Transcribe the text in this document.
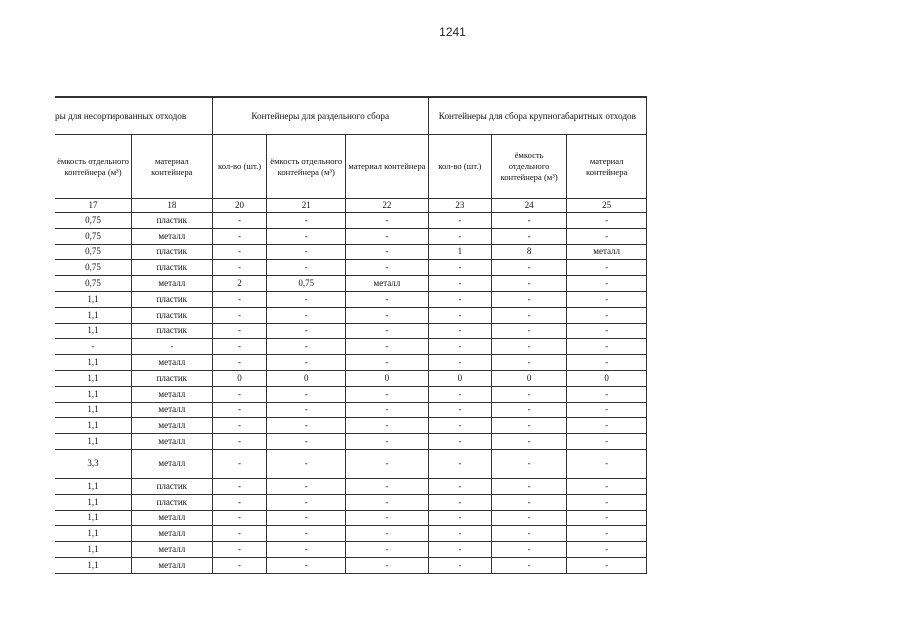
1241
ры для несортированных отходов		Контейнеры для раздельного сбора			Контейнеры для сбора крупногабаритных отходов		
ёмкость отдельного контейнера (м³)	материал контейнера	кол-во (шт.)	ёмкость отдельного контейнера (м³)	материал контейнера	кол-во (шт.)	ёмкость отдельного контейнера (м³)	материал контейнера
17	18	20	21	22	23	24	25
0,75	пластик	-	-	-	-	-	-
0,75	металл	-	-	-	-	-	-
0,75	пластик	-	-	-	1	8	металл
0,75	пластик	-	-	-	-	-	-
0,75	металл	2	0,75	металл	-	-	-
1,1	пластик	-	-	-	-	-	-
1,1	пластик	-	-	-	-	-	-
1,1	пластик	-	-	-	-	-	-
-	-	-	-	-	-	-	-
1,1	металл	-	-	-	-	-	-
1,1	пластик	0	0	0	0	0	0
1,1	металл	-	-	-	-	-	-
1,1	металл	-	-	-	-	-	-
1,1	металл	-	-	-	-	-	-
1,1	металл	-	-	-	-	-	-
3,3	металл	-	-	-	-	-	-
1,1	пластик	-	-	-	-	-	-
1,1	пластик	-	-	-	-	-	-
1,1	металл	-	-	-	-	-	-
1,1	металл	-	-	-	-	-	-
1,1	металл	-	-	-	-	-	-
1,1	металл	-	-	-	-	-	-
